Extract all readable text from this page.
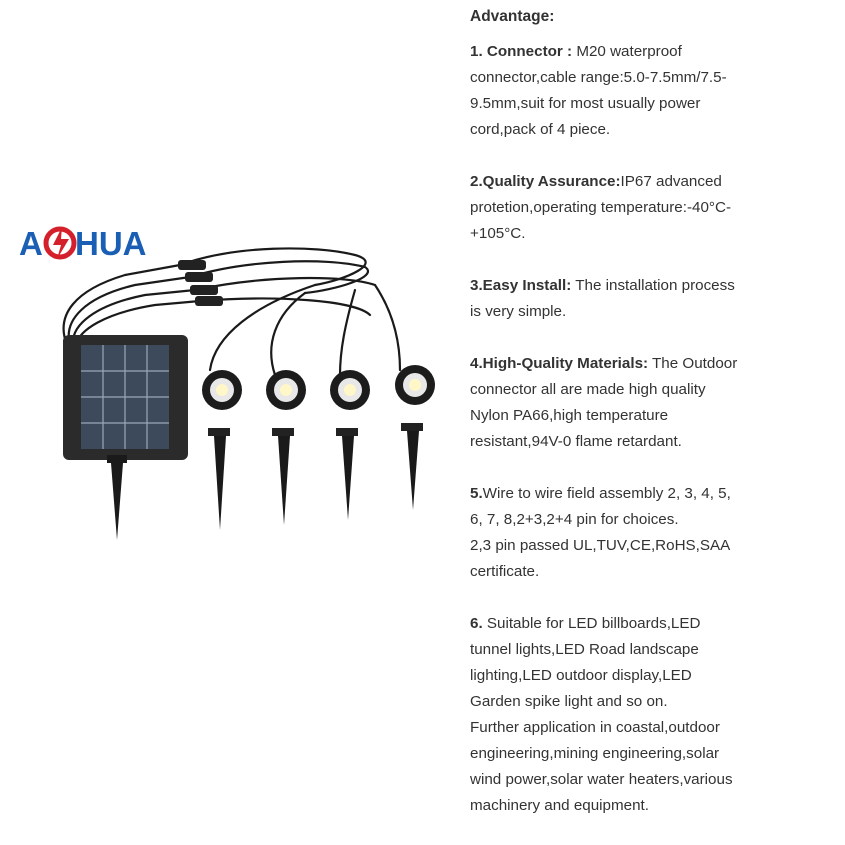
A HUA
Advantage:
1. Connector : M20 waterproof
connector,cable range:5.0-7.5mm/7.5-
9.5mm,suit for most usually power
cord,pack of 4 piece.
2.Quality Assurance:IP67 advanced
protetion,operating temperature:-40°C-
+105°C.
3.Easy Install: The installation process
is very simple.
4.High-Quality Materials: The Outdoor
connector all are made high quality
Nylon PA66,high temperature
resistant,94V-0 flame retardant.
5.Wire to wire field assembly 2, 3, 4, 5,
6, 7, 8,2+3,2+4 pin for choices.
2,3 pin passed UL,TUV,CE,RoHS,SAA
certificate.
6. Suitable for LED billboards,LED
tunnel lights,LED Road landscape
lighting,LED outdoor display,LED
Garden spike light and so on.
Further application in coastal,outdoor
engineering,mining engineering,solar
wind power,solar water heaters,various
machinery and equipment.
